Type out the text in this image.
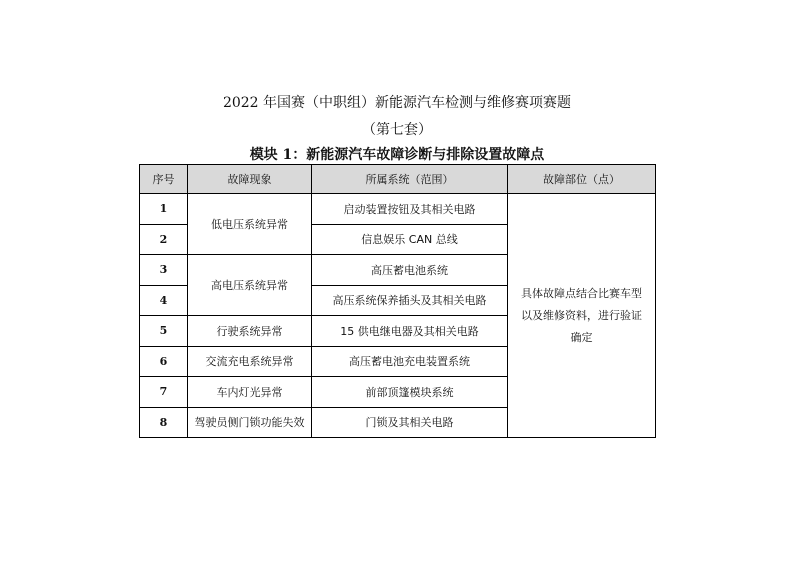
2022 年国赛（中职组）新能源汽车检测与维修赛项赛题
（第七套）
模块 1：新能源汽车故障诊断与排除设置故障点
序号	故障现象	所属系统（范围）	故障部位（点）
1	低电压系统异常	启动装置按钮及其相关电路	具体故障点结合比赛车型以及维修资料，进行验证确定
2		信息娱乐 CAN 总线	
3	高电压系统异常	高压蓄电池系统	
4		高压系统保养插头及其相关电路	
5	行驶系统异常	15 供电继电器及其相关电路	
6	交流充电系统异常	高压蓄电池充电装置系统	
7	车内灯光异常	前部顶篷模块系统	
8	驾驶员侧门锁功能失效	门锁及其相关电路	
